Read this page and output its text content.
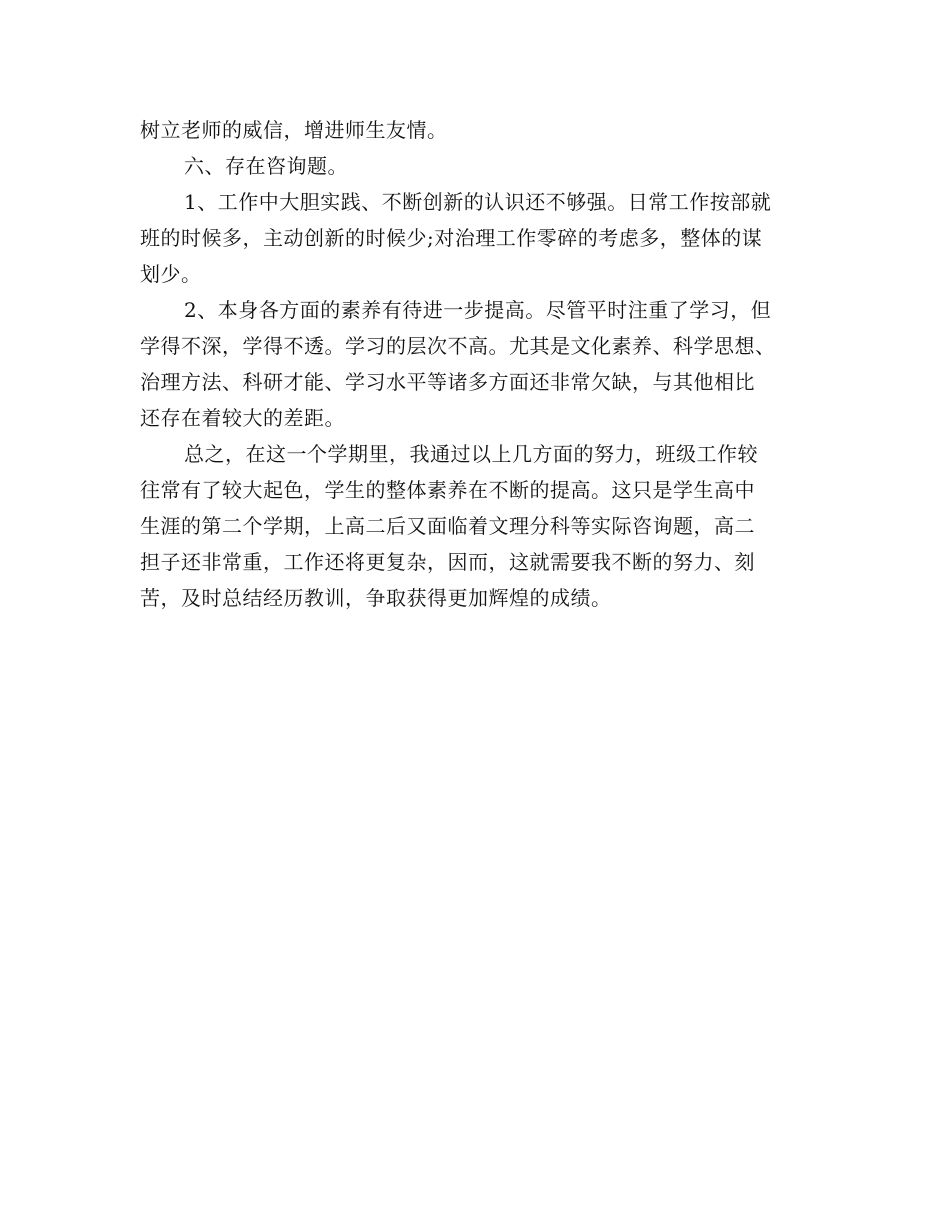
树立老师的威信，增进师生友情。
六、存在咨询题。
1、工作中大胆实践、不断创新的认识还不够强。日常工作按部就
班的时候多，主动创新的时候少;对治理工作零碎的考虑多，整体的谋
划少。
2、本身各方面的素养有待进一步提高。尽管平时注重了学习，但
学得不深，学得不透。学习的层次不高。尤其是文化素养、科学思想、
治理方法、科研才能、学习水平等诸多方面还非常欠缺，与其他相比
还存在着较大的差距。
总之，在这一个学期里，我通过以上几方面的努力，班级工作较
往常有了较大起色，学生的整体素养在不断的提高。这只是学生高中
生涯的第二个学期，上高二后又面临着文理分科等实际咨询题，高二
担子还非常重，工作还将更复杂，因而，这就需要我不断的努力、刻
苦，及时总结经历教训，争取获得更加辉煌的成绩。
